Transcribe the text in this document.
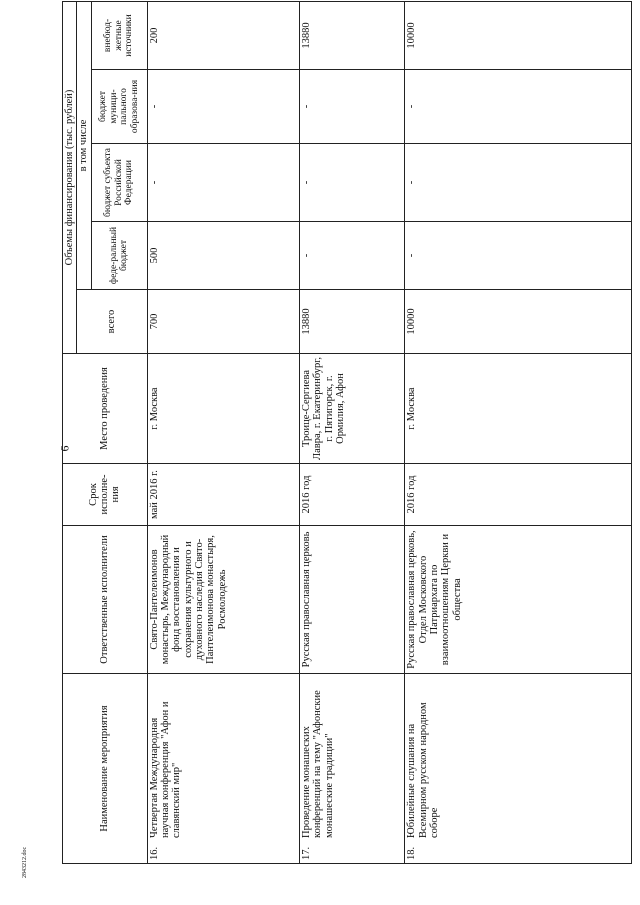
6
2843212.doc
Наименование мероприятия	Ответственные исполнители	Срок исполне-ния	Место проведения	Объемы финансирования (тыс. рублей)				
				всего	в том числе			
					феде-ральный бюджет	бюджет субъекта Российской Федерации	бюджет муници-пального образова-ния	внебюд-жетные источники
16.Четвертая Международная научная конференция "Афон и славянский мир"	Свято-Пантелеимонов монастырь, Международный фонд восстановления и сохранения культурного и духовного наследия Свято-Пантелеимонова монастыря, Росмолодежь	май 2016 г.	г. Москва	700	500	-	-	200
17.Проведение монашеских конференций на тему "Афонские монашеские традиции"	Русская православная церковь	2016 год	Троице-Сергиева Лавра, г. Екатеринбург, г. Пятигорск, г. Ормилия, Афон	13880	-	-	-	13880
18.Юбилейные слушания на Всемирном русском народном соборе	Русская православная церковь, Отдел Московского Патриархата по взаимоотношениям Церкви и общества	2016 год	г. Москва	10000	-	-	-	10000
